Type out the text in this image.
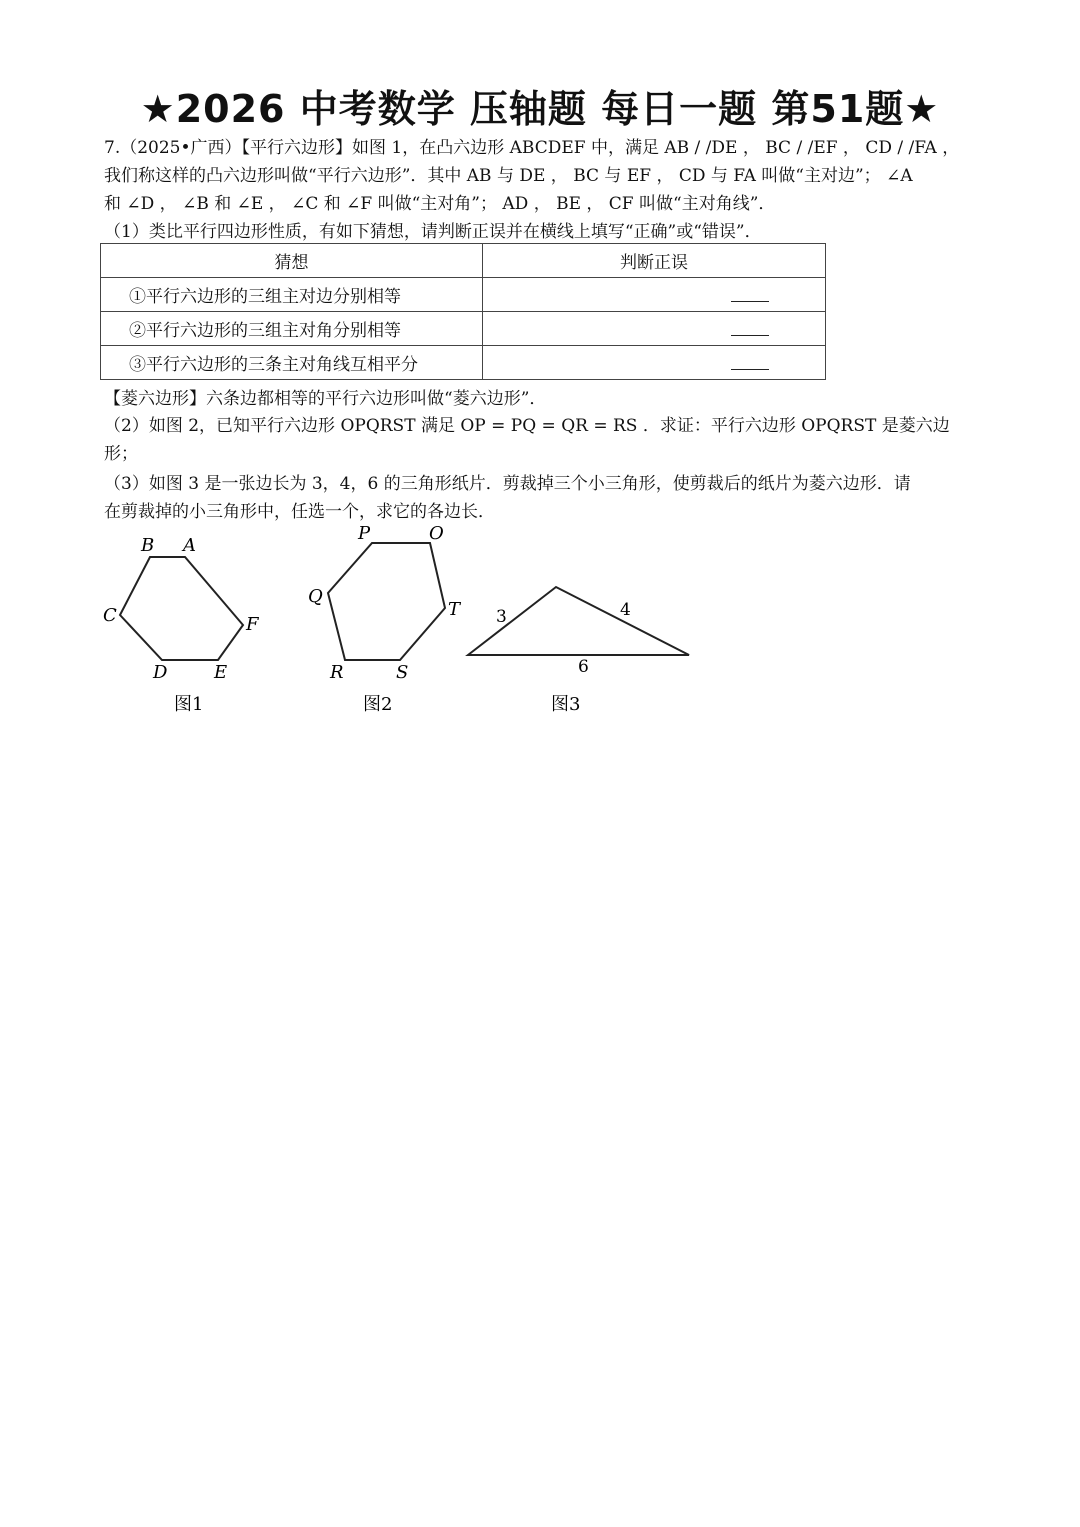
★2026 中考数学 压轴题 每日一题 第51题★
7.（2025•广西）【平行六边形】如图 1，在凸六边形 ABCDEF 中，满足 AB / /DE ， BC / /EF ， CD / /FA ，
我们称这样的凸六边形叫做“平行六边形”．其中 AB 与 DE ， BC 与 EF ， CD 与 FA 叫做“主对边”； ∠A
和 ∠D ， ∠B 和 ∠E ， ∠C 和 ∠F 叫做“主对角”； AD ， BE ， CF 叫做“主对角线”．
（1）类比平行四边形性质，有如下猜想，请判断正误并在横线上填写“正确”或“错误”．
猜想	判断正误
①平行六边形的三组主对边分别相等	

②平行六边形的三组主对角分别相等	

③平行六边形的三条主对角线互相平分	
【菱六边形】六条边都相等的平行六边形叫做“菱六边形”．
（2）如图 2，已知平行六边形 OPQRST 满足 OP = PQ = QR = RS ．求证：平行六边形 OPQRST 是菱六边
形；
（3）如图 3 是一张边长为 3，4，6 的三角形纸片．剪裁掉三个小三角形，使剪裁后的纸片为菱六边形．请
在剪裁掉的小三角形中，任选一个，求它的各边长．
B A
C	F
D	E
图1
P	O
Q
T
R	S
图2
3	4
6
图3
